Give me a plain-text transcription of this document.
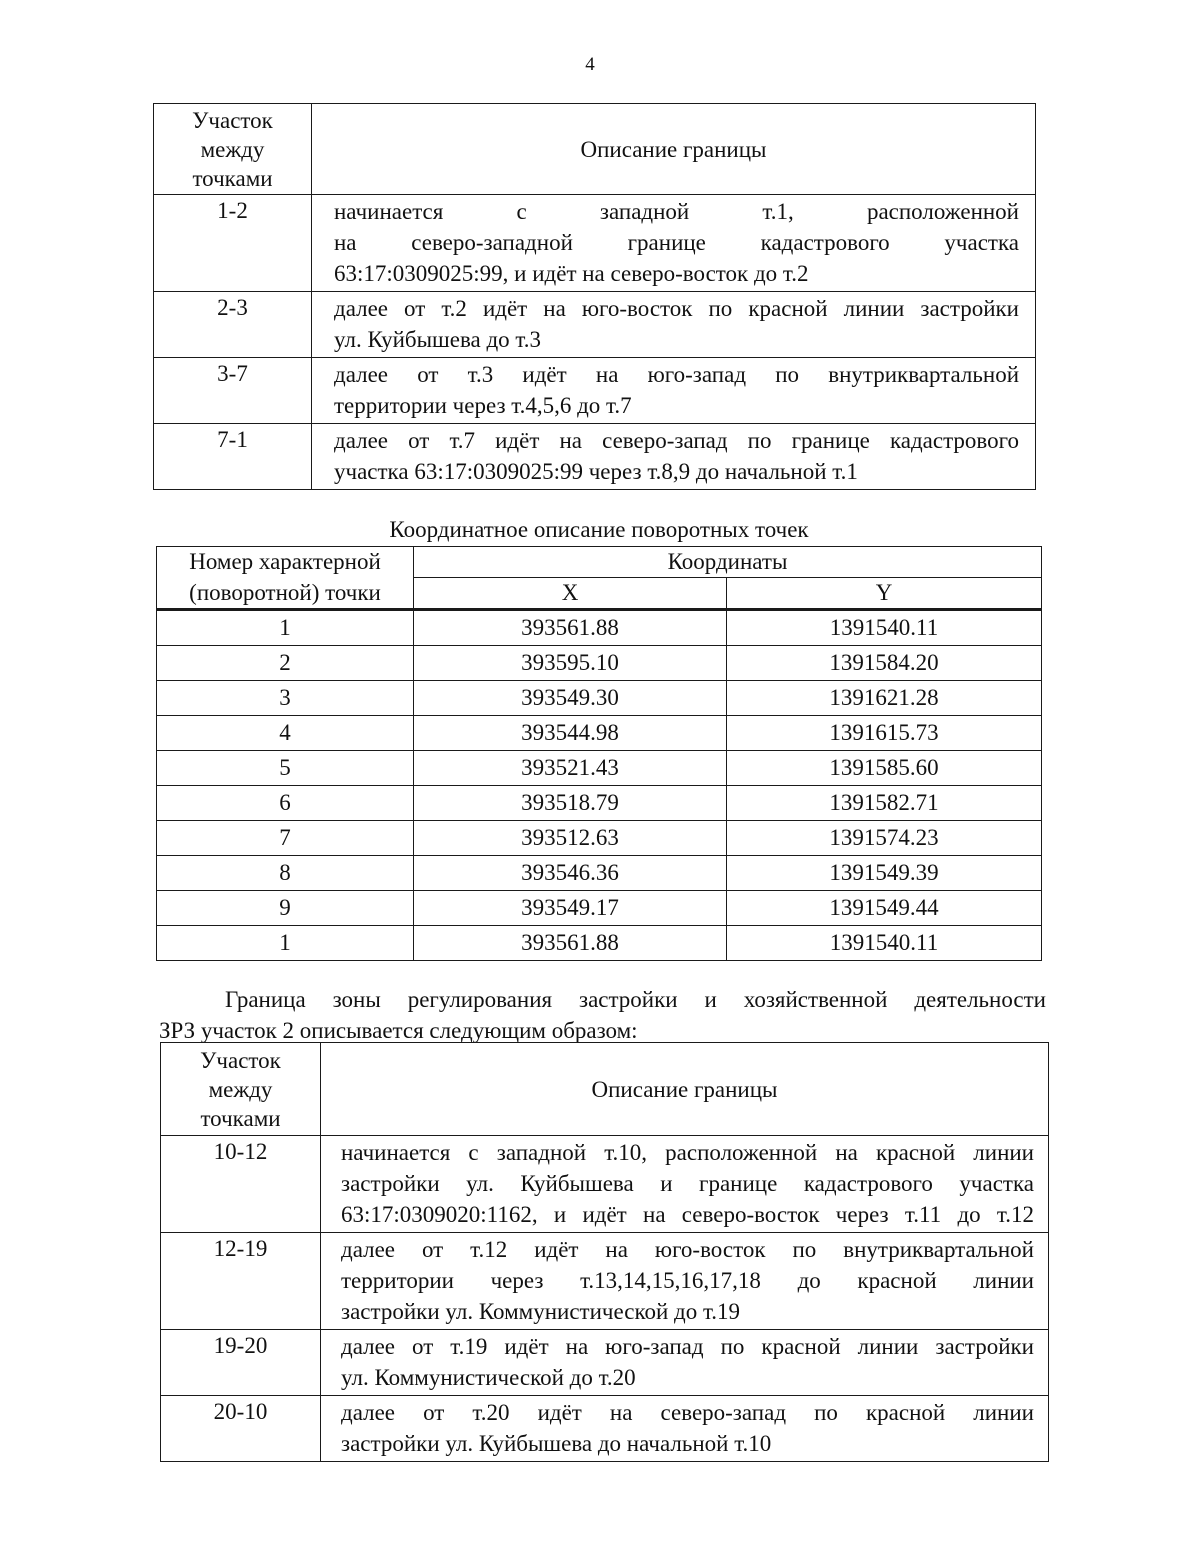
4
Участок
между
точками	Описание границы
1-2	начинается с западной т.1, расположенной
на северо-западной границе кадастрового участка
63:17:0309025:99, и идёт на северо-восток до т.2

2-3	далее от т.2 идёт на юго-восток по красной линии застройки
ул. Куйбышева до т.3

3-7	далее от т.3 идёт на юго-запад по внутриквартальной
территории через т.4,5,6 до т.7

7-1	далее от т.7 идёт на северо-запад по границе кадастрового
участка 63:17:0309025:99 через т.8,9 до начальной т.1
Координатное описание поворотных точек
Номер характерной	Координаты	
(поворотной) точки	X	Y
1	393561.88	1391540.11
2	393595.10	1391584.20
3	393549.30	1391621.28
4	393544.98	1391615.73
5	393521.43	1391585.60
6	393518.79	1391582.71
7	393512.63	1391574.23
8	393546.36	1391549.39
9	393549.17	1391549.44
1	393561.88	1391540.11
Граница зоны регулирования застройки и хозяйственной деятельности
ЗРЗ участок 2 описывается следующим образом:
Участок
между
точками	Описание границы
10-12	начинается с западной т.10, расположенной на красной линии
застройки ул. Куйбышева и границе кадастрового участка
63:17:0309020:1162, и идёт на северо-восток через т.11 до т.12

12-19	далее от т.12 идёт на юго-восток по внутриквартальной
территории через т.13,14,15,16,17,18 до красной линии
застройки ул. Коммунистической до т.19

19-20	далее от т.19 идёт на юго-запад по красной линии застройки
ул. Коммунистической до т.20

20-10	далее от т.20 идёт на северо-запад по красной линии
застройки ул. Куйбышева до начальной т.10
